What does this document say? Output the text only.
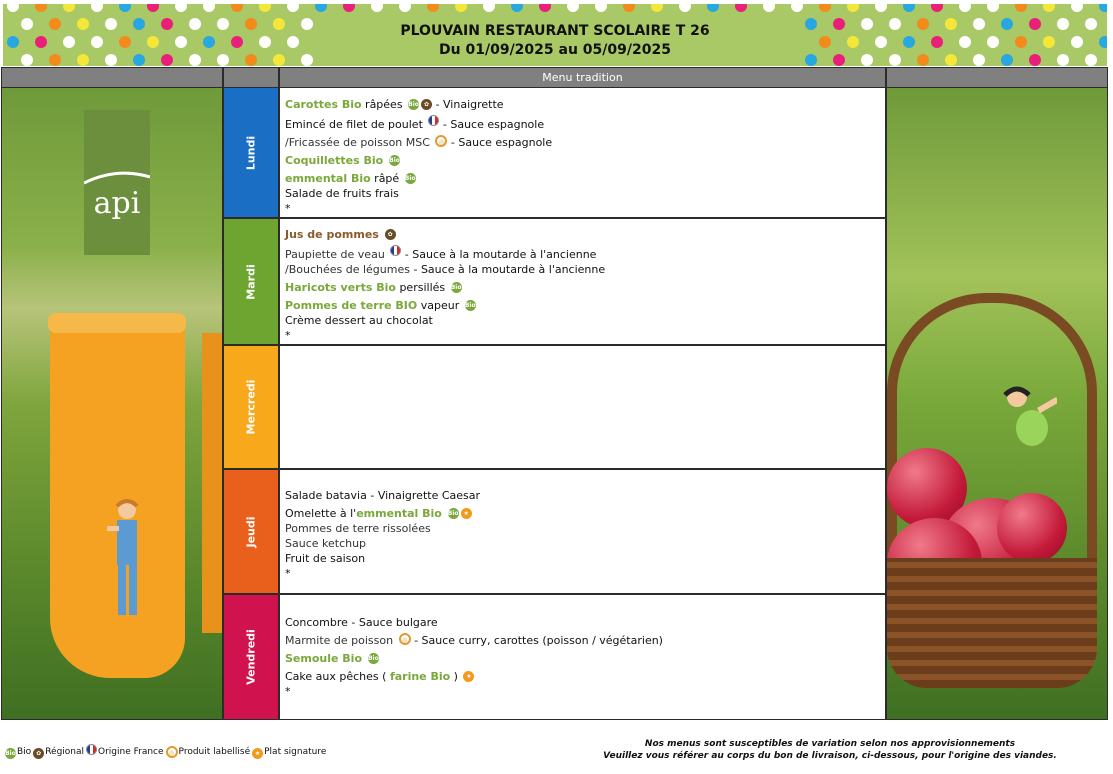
PLOUVAIN RESTAURANT SCOLAIRE T 26
Du 01/09/2025 au 05/09/2025
Menu tradition
api
Lundi
Mardi
Mercredi
Jeudi
Vendredi
Carottes Bio râpées Bio ✿ - Vinaigrette
Emincé de filet de poulet  - Sauce espagnole
/Fricassée de poisson MSC ◎ - Sauce espagnole
Coquillettes Bio Bio
emmental Bio râpé Bio
Salade de fruits frais
*
Jus de pommes ✿
Paupiette de veau  - Sauce à la moutarde à l'ancienne
/Bouchées de légumes - Sauce à la moutarde à l'ancienne
Haricots verts Bio persillés Bio
Pommes de terre BIO vapeur Bio
Crème dessert au chocolat
*
Salade batavia - Vinaigrette Caesar
Omelette à l'emmental Bio Bio ★
Pommes de terre rissolées
Sauce ketchup
Fruit de saison
*
Concombre - Sauce bulgare
Marmite de poisson ◎ - Sauce curry, carottes (poisson / végétarien)
Semoule Bio Bio
Cake aux pêches ( farine Bio ) ★
*
BioBio ✿ Régional Origine France ◎ Produit labellisé ★ Plat signature
Nos menus sont susceptibles de variation selon nos approvisionnements
Veuillez vous référer au corps du bon de livraison, ci-dessous, pour l'origine des viandes.
